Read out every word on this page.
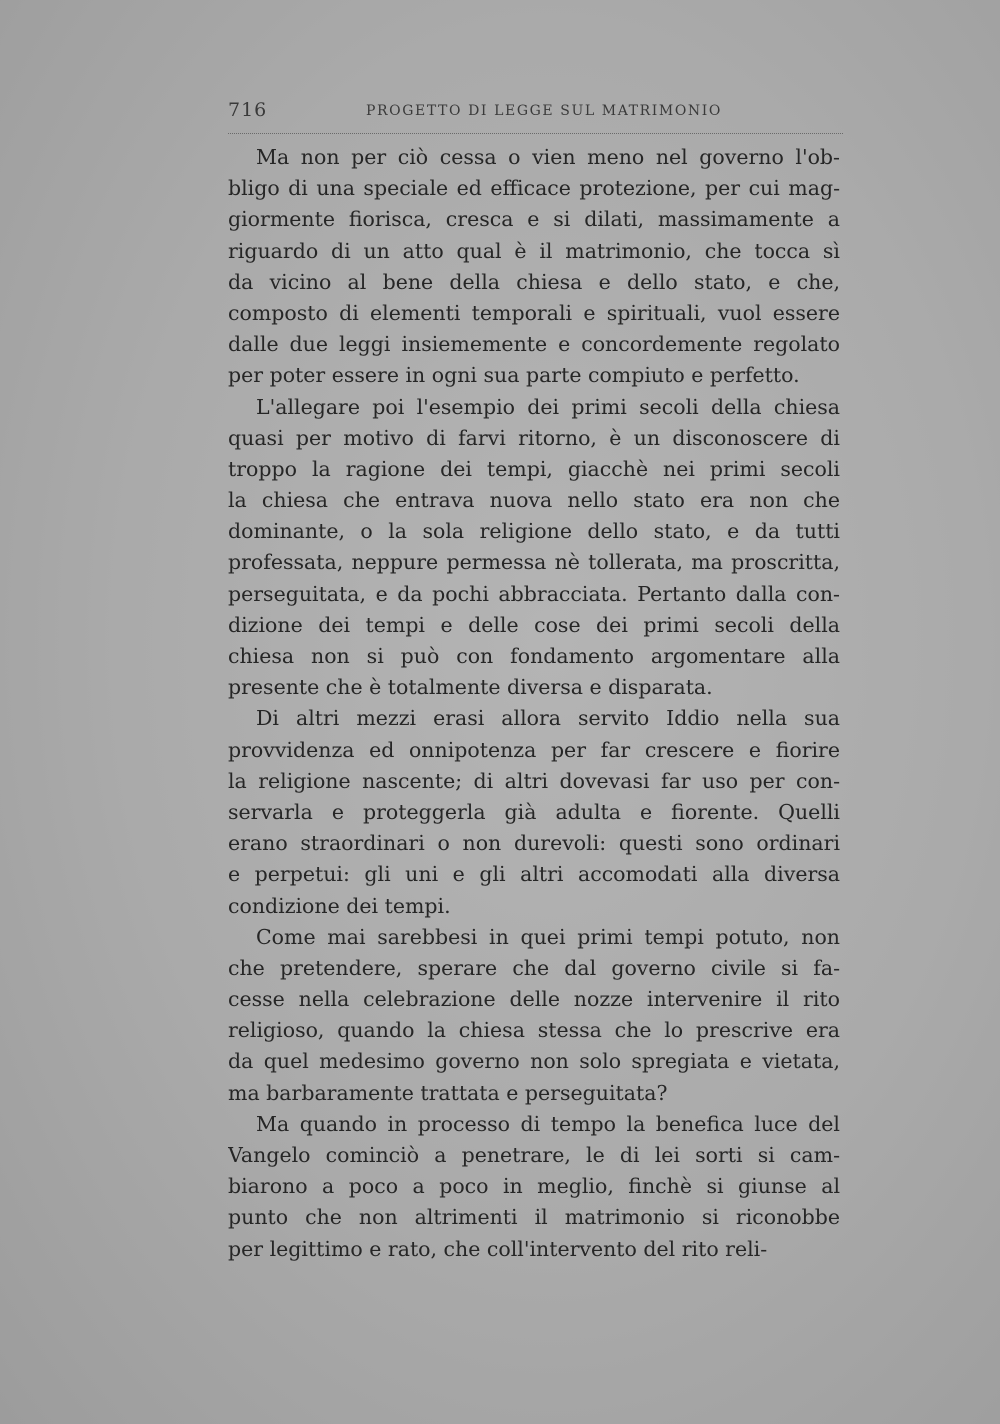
716	PROGETTO DI LEGGE SUL MATRIMONIO
Ma non per ciò cessa o vien meno nel governo l'ob-
bligo di una speciale ed efficace protezione, per cui mag-
giormente fiorisca, cresca e si dilati, massimamente a
riguardo di un atto qual è il matrimonio, che tocca sì
da vicino al bene della chiesa e dello stato, e che,
composto di elementi temporali e spirituali, vuol essere
dalle due leggi insiememente e concordemente regolato
per poter essere in ogni sua parte compiuto e perfetto.
L'allegare poi l'esempio dei primi secoli della chiesa
quasi per motivo di farvi ritorno, è un disconoscere di
troppo la ragione dei tempi, giacchè nei primi secoli
la chiesa che entrava nuova nello stato era non che
dominante, o la sola religione dello stato, e da tutti
professata, neppure permessa nè tollerata, ma proscritta,
perseguitata, e da pochi abbracciata. Pertanto dalla con-
dizione dei tempi e delle cose dei primi secoli della
chiesa non si può con fondamento argomentare alla
presente che è totalmente diversa e disparata.
Di altri mezzi erasi allora servito Iddio nella sua
provvidenza ed onnipotenza per far crescere e fiorire
la religione nascente; di altri dovevasi far uso per con-
servarla e proteggerla già adulta e fiorente. Quelli
erano straordinari o non durevoli: questi sono ordinari
e perpetui: gli uni e gli altri accomodati alla diversa
condizione dei tempi.
Come mai sarebbesi in quei primi tempi potuto, non
che pretendere, sperare che dal governo civile si fa-
cesse nella celebrazione delle nozze intervenire il rito
religioso, quando la chiesa stessa che lo prescrive era
da quel medesimo governo non solo spregiata e vietata,
ma barbaramente trattata e perseguitata?
Ma quando in processo di tempo la benefica luce del
Vangelo cominciò a penetrare, le di lei sorti si cam-
biarono a poco a poco in meglio, finchè si giunse al
punto che non altrimenti il matrimonio si riconobbe
per legittimo e rato, che coll'intervento del rito reli-
